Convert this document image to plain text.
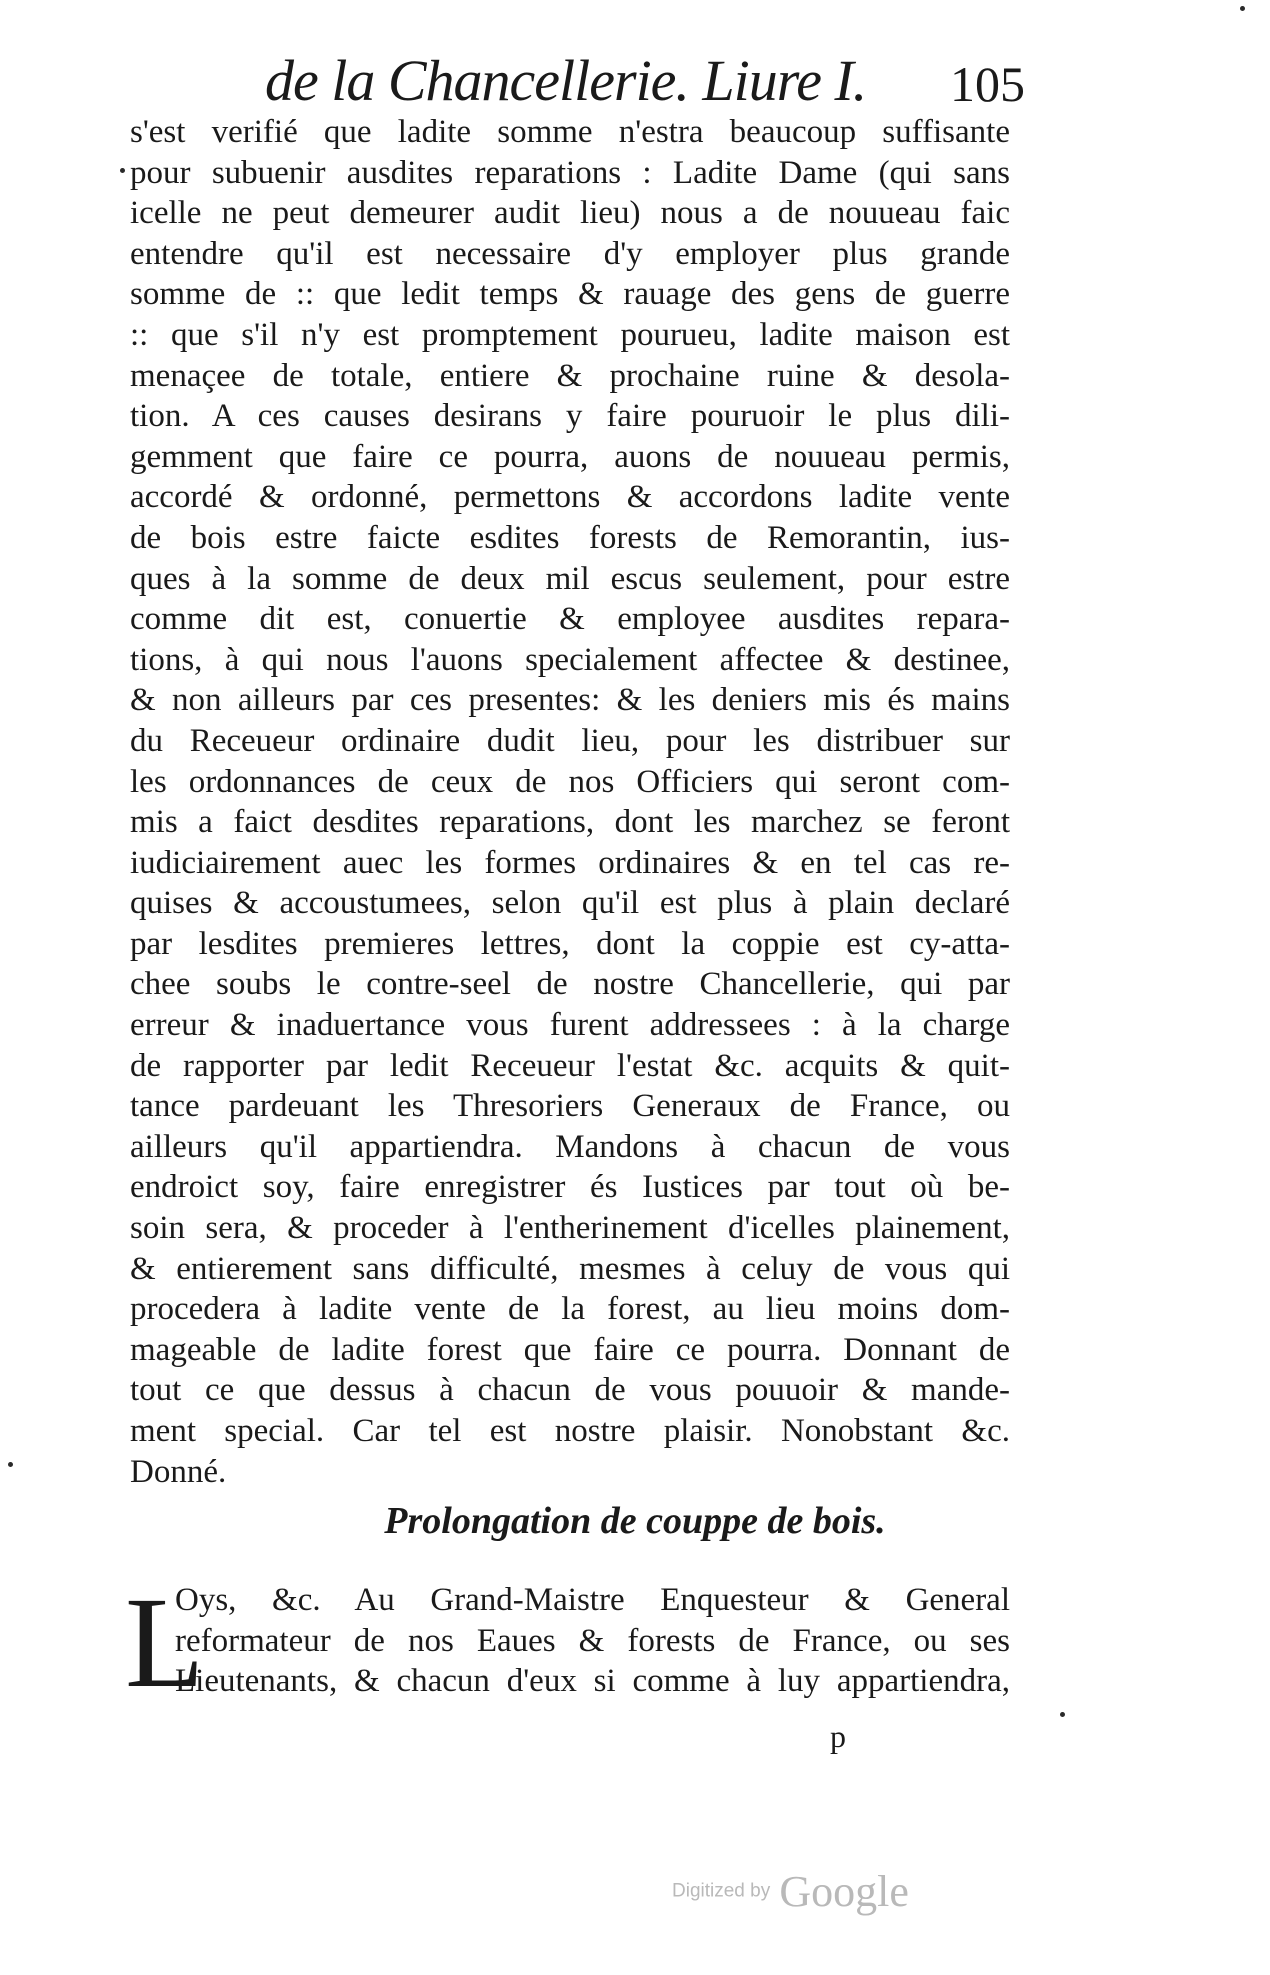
de la Chancellerie. Liure I. 105
s'est verifié que ladite somme n'estra beaucoup suffisante
pour subuenir ausdites reparations : Ladite Dame (qui sans
icelle ne peut demeurer audit lieu) nous a de nouueau faic
entendre qu'il est necessaire d'y employer plus grande
somme de :: que ledit temps & rauage des gens de guerre
:: que s'il n'y est promptement pourueu, ladite maison est
menaçee de totale, entiere & prochaine ruine & desola-
tion. A ces causes desirans y faire pouruoir le plus dili-
gemment que faire ce pourra, auons de nouueau permis,
accordé & ordonné, permettons & accordons ladite vente
de bois estre faicte esdites forests de Remorantin, ius-
ques à la somme de deux mil escus seulement, pour estre
comme dit est, conuertie & employee ausdites repara-
tions, à qui nous l'auons specialement affectee & destinee,
& non ailleurs par ces presentes: & les deniers mis és mains
du Receueur ordinaire dudit lieu, pour les distribuer sur
les ordonnances de ceux de nos Officiers qui seront com-
mis a faict desdites reparations, dont les marchez se feront
iudiciairement auec les formes ordinaires & en tel cas re-
quises & accoustumees, selon qu'il est plus à plain declaré
par lesdites premieres lettres, dont la coppie est cy-atta-
chee soubs le contre-seel de nostre Chancellerie, qui par
erreur & inaduertance vous furent addressees : à la charge
de rapporter par ledit Receueur l'estat &c. acquits & quit-
tance pardeuant les Thresoriers Generaux de France, ou
ailleurs qu'il appartiendra. Mandons à chacun de vous
endroict soy, faire enregistrer és Iustices par tout où be-
soin sera, & proceder à l'entherinement d'icelles plainement,
& entierement sans difficulté, mesmes à celuy de vous qui
procedera à ladite vente de la forest, au lieu moins dom-
mageable de ladite forest que faire ce pourra. Donnant de
tout ce que dessus à chacun de vous pouuoir & mande-
ment special. Car tel est nostre plaisir. Nonobstant &c.
Donné.
Prolongation de couppe de bois.
L
Oys, &c. Au Grand-Maistre Enquesteur & General
reformateur de nos Eaues & forests de France, ou ses
Lieutenants, & chacun d'eux si comme à luy appartiendra,
p
Digitized by Google
